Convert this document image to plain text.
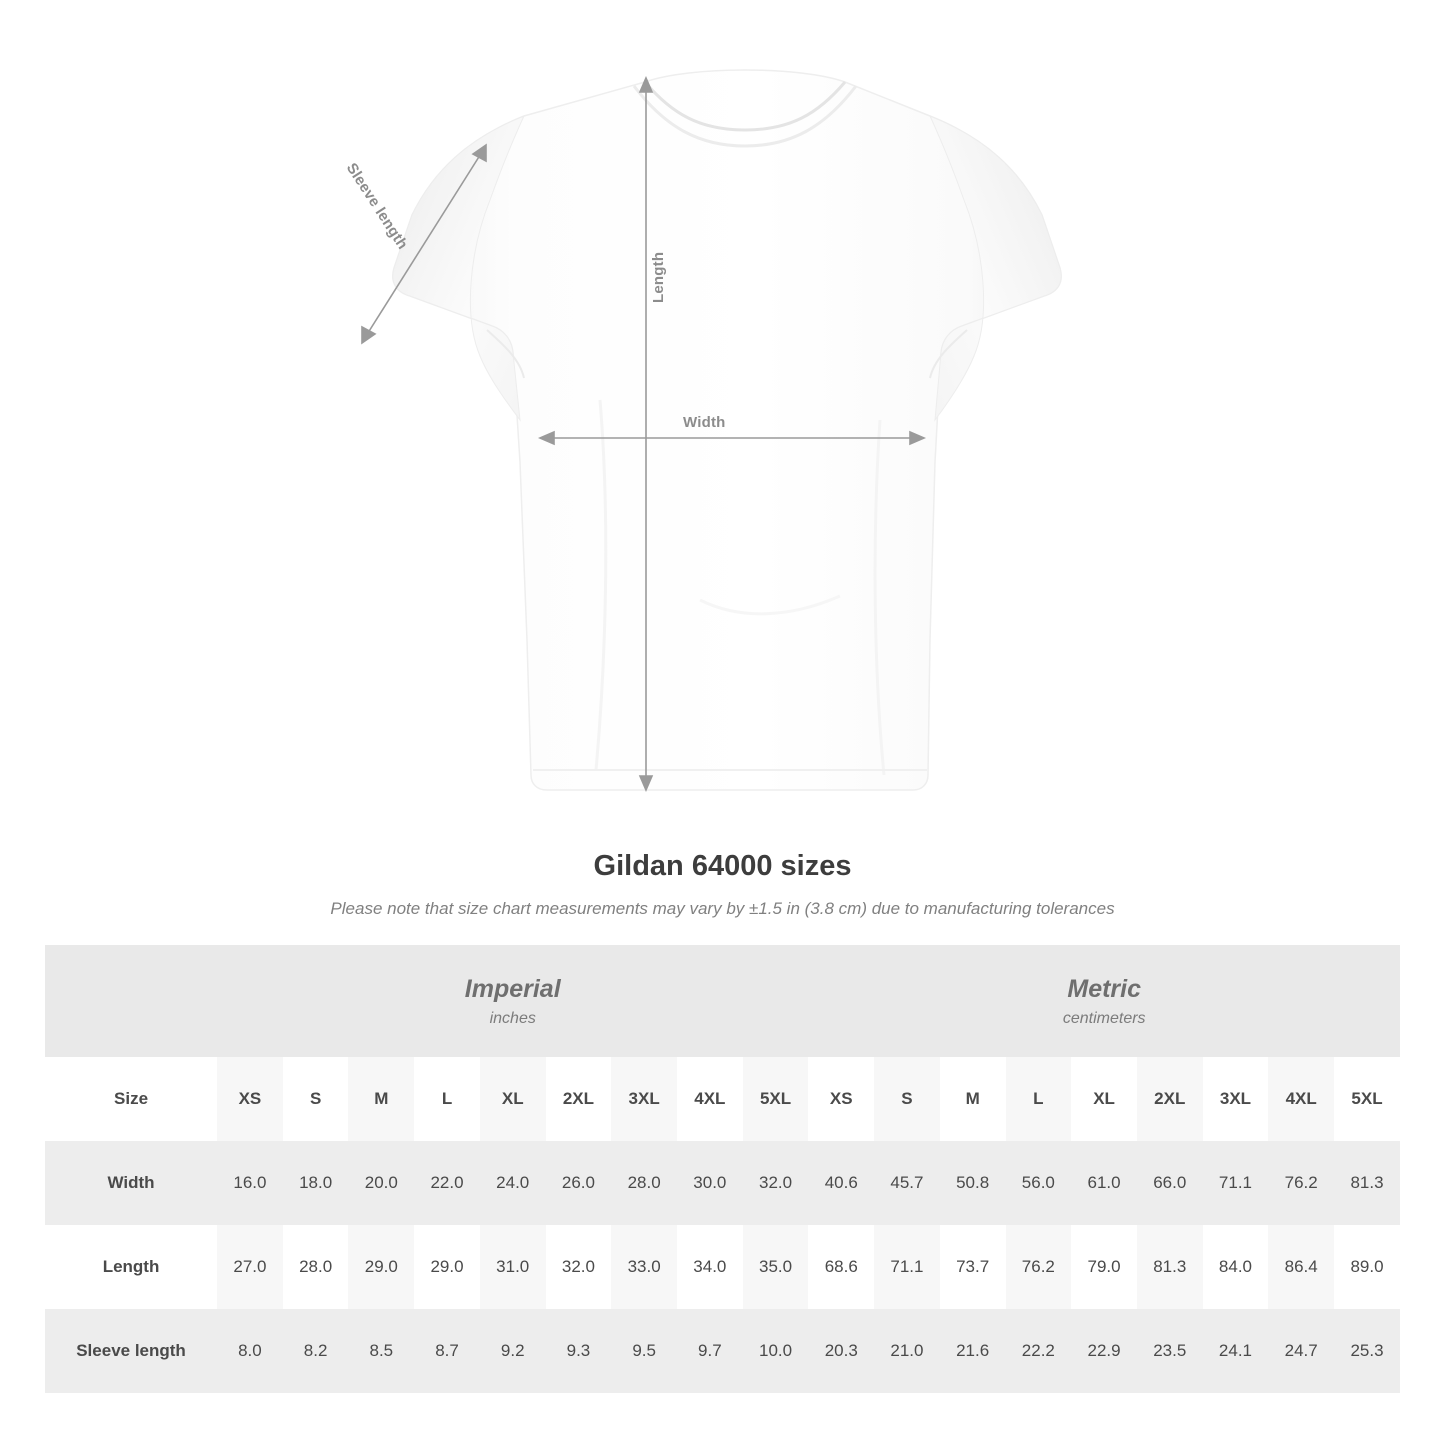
Width
Length
Sleeve length
Gildan 64000 sizes

Please note that size chart measurements may vary by ±1.5 in (3.8 cm) due to manufacturing tolerances

	Imperial
inches									Metric
centimeters								

Size	XS	S	M	L	XL	2XL	3XL	4XL	5XL	XS	S	M	L	XL	2XL	3XL	4XL	5XL
Width	16.0	18.0	20.0	22.0	24.0	26.0	28.0	30.0	32.0	40.6	45.7	50.8	56.0	61.0	66.0	71.1	76.2	81.3
Length	27.0	28.0	29.0	29.0	31.0	32.0	33.0	34.0	35.0	68.6	71.1	73.7	76.2	79.0	81.3	84.0	86.4	89.0
Sleeve length	8.0	8.2	8.5	8.7	9.2	9.3	9.5	9.7	10.0	20.3	21.0	21.6	22.2	22.9	23.5	24.1	24.7	25.3
